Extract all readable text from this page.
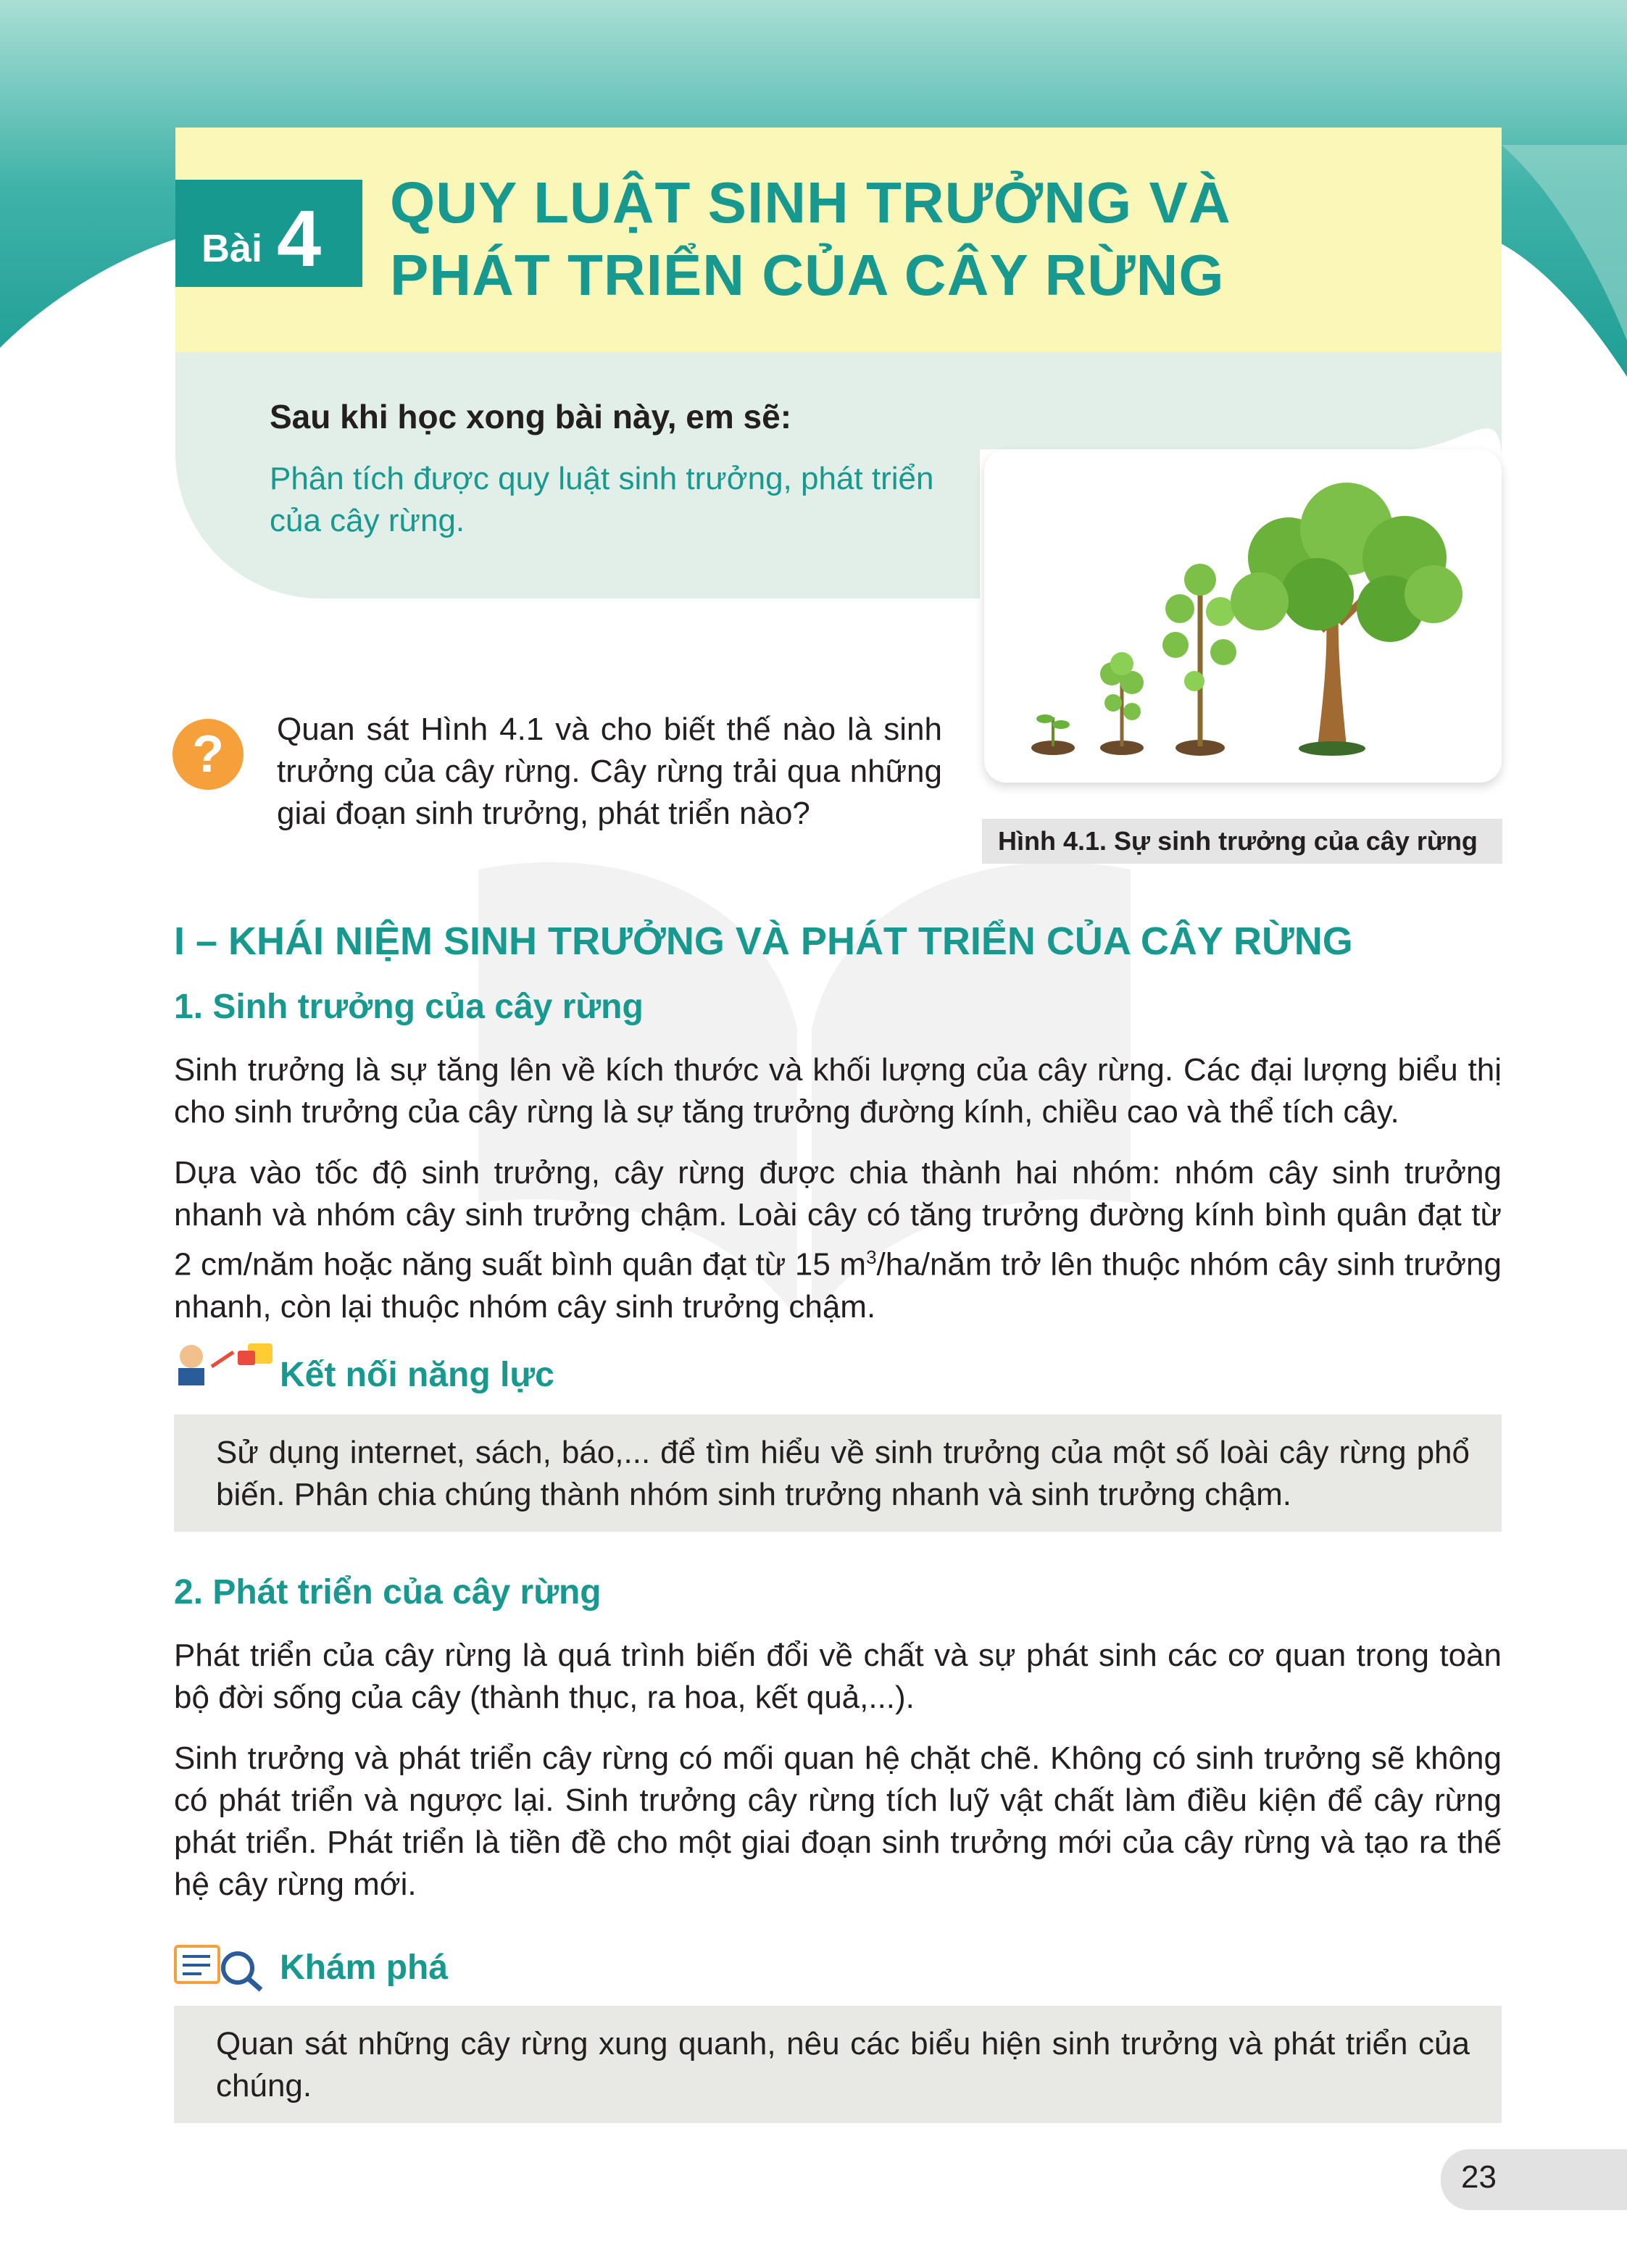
Bài 4 QUY LUẬT SINH TRƯỞNG VÀ
PHÁT TRIỂN CỦA CÂY RỪNG
Sau khi học xong bài này, em sẽ:
Phân tích được quy luật sinh trưởng, phát triển của cây rừng.
Hình 4.1. Sự sinh trưởng của cây rừng
?	Quan sát Hình 4.1 và cho biết thế nào là sinh trưởng của cây rừng. Cây rừng trải qua những giai đoạn sinh trưởng, phát triển nào?
I – KHÁI NIỆM SINH TRƯỞNG VÀ PHÁT TRIỂN CỦA CÂY RỪNG
1. Sinh trưởng của cây rừng
Sinh trưởng là sự tăng lên về kích thước và khối lượng của cây rừng. Các đại lượng biểu thị cho sinh trưởng của cây rừng là sự tăng trưởng đường kính, chiều cao và thể tích cây.
Dựa vào tốc độ sinh trưởng, cây rừng được chia thành hai nhóm: nhóm cây sinh trưởng nhanh và nhóm cây sinh trưởng chậm. Loài cây có tăng trưởng đường kính bình quân đạt từ 2 cm/năm hoặc năng suất bình quân đạt từ 15 $m^3/ha$/năm trở lên thuộc nhóm cây sinh trưởng nhanh, còn lại thuộc nhóm cây sinh trưởng chậm.
Kết nối năng lực
Sử dụng internet, sách, báo,... để tìm hiểu về sinh trưởng của một số loài cây rừng phổ biến. Phân chia chúng thành nhóm sinh trưởng nhanh và sinh trưởng chậm.
2. Phát triển của cây rừng
Phát triển của cây rừng là quá trình biến đổi về chất và sự phát sinh các cơ quan trong toàn bộ đời sống của cây (thành thục, ra hoa, kết quả,...).
Sinh trưởng và phát triển cây rừng có mối quan hệ chặt chẽ. Không có sinh trưởng sẽ không có phát triển và ngược lại. Sinh trưởng cây rừng tích luỹ vật chất làm điều kiện để cây rừng phát triển. Phát triển là tiền đề cho một giai đoạn sinh trưởng mới của cây rừng và tạo ra thế hệ cây rừng mới.
Khám phá
Quan sát những cây rừng xung quanh, nêu các biểu hiện sinh trưởng và phát triển của chúng.
23
